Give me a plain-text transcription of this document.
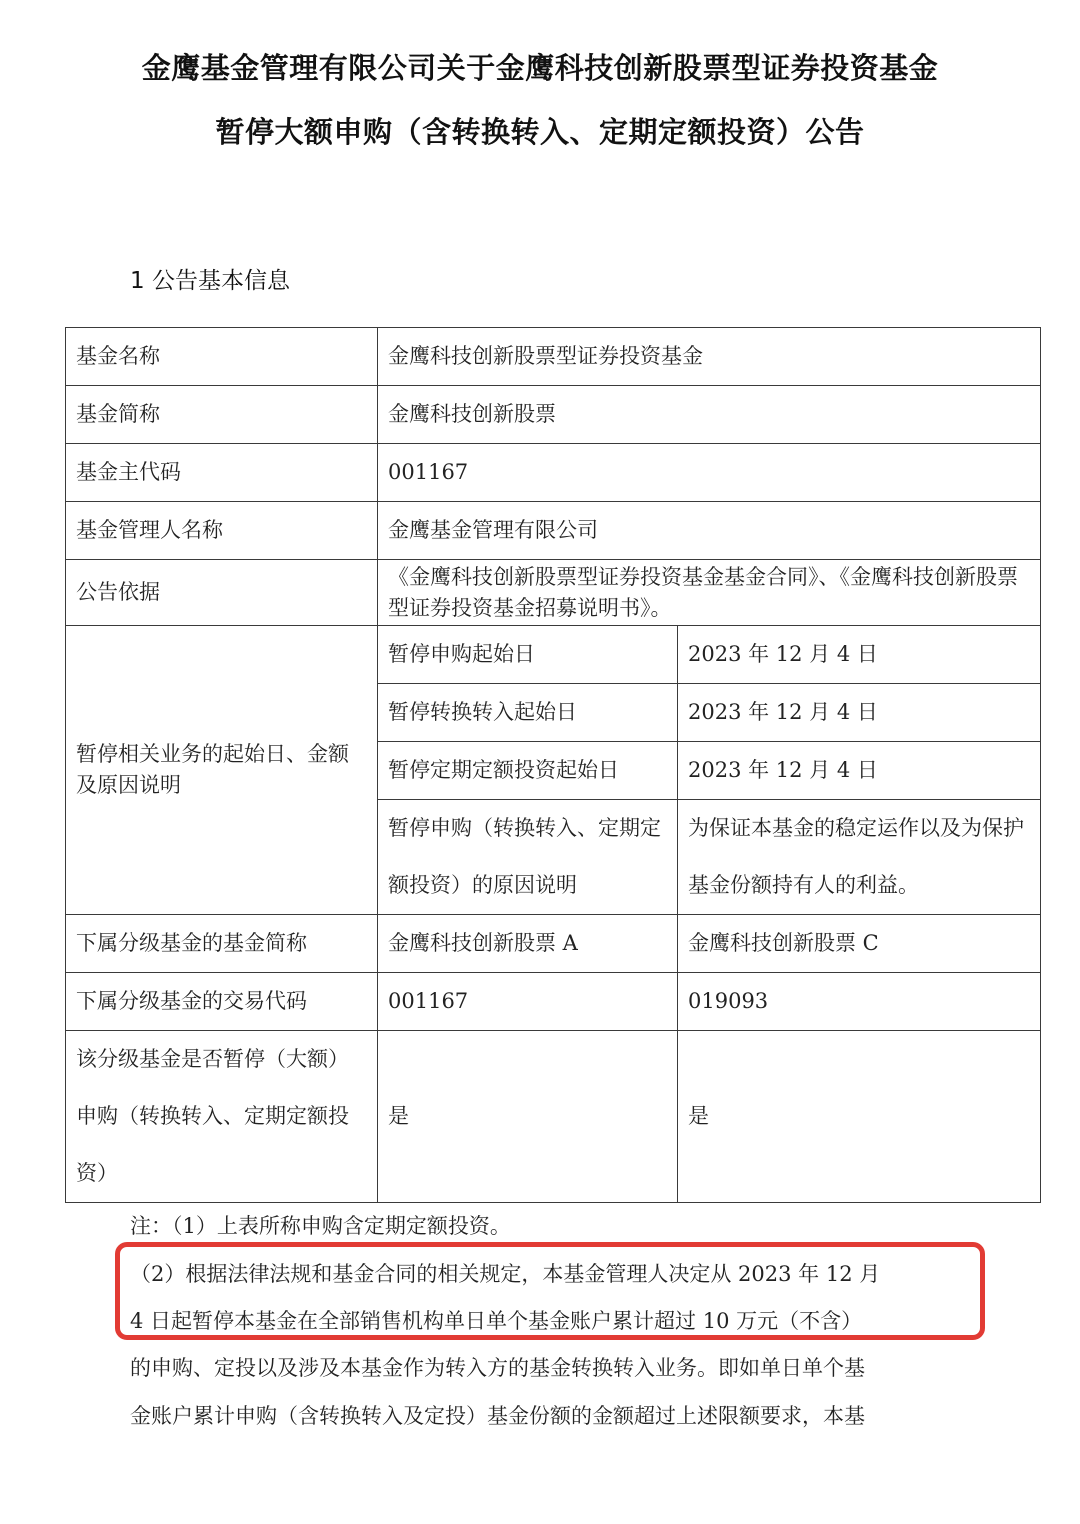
金鹰基金管理有限公司关于金鹰科技创新股票型证券投资基金
暂停大额申购（含转换转入、定期定额投资）公告
1 公告基本信息
基金名称	金鹰科技创新股票型证券投资基金	
基金简称	金鹰科技创新股票	
基金主代码	001167	
基金管理人名称	金鹰基金管理有限公司	
公告依据	《金鹰科技创新股票型证券投资基金基金合同》、《金鹰科技创新股票型证券投资基金招募说明书》。	
暂停相关业务的起始日、金额及原因说明	暂停申购起始日	2023 年 12 月 4 日
	暂停转换转入起始日	2023 年 12 月 4 日
	暂停定期定额投资起始日	2023 年 12 月 4 日
	暂停申购（转换转入、定期定额投资）的原因说明	为保证本基金的稳定运作以及为保护基金份额持有人的利益。
下属分级基金的基金简称	金鹰科技创新股票 A	金鹰科技创新股票 C
下属分级基金的交易代码	001167	019093
该分级基金是否暂停（大额）申购（转换转入、定期定额投资）	是	是
注：（1）上表所称申购含定期定额投资。
（2）根据法律法规和基金合同的相关规定，本基金管理人决定从 2023 年 12 月
4 日起暂停本基金在全部销售机构单日单个基金账户累计超过 10 万元（不含）
的申购、定投以及涉及本基金作为转入方的基金转换转入业务。即如单日单个基
金账户累计申购（含转换转入及定投）基金份额的金额超过上述限额要求，本基
